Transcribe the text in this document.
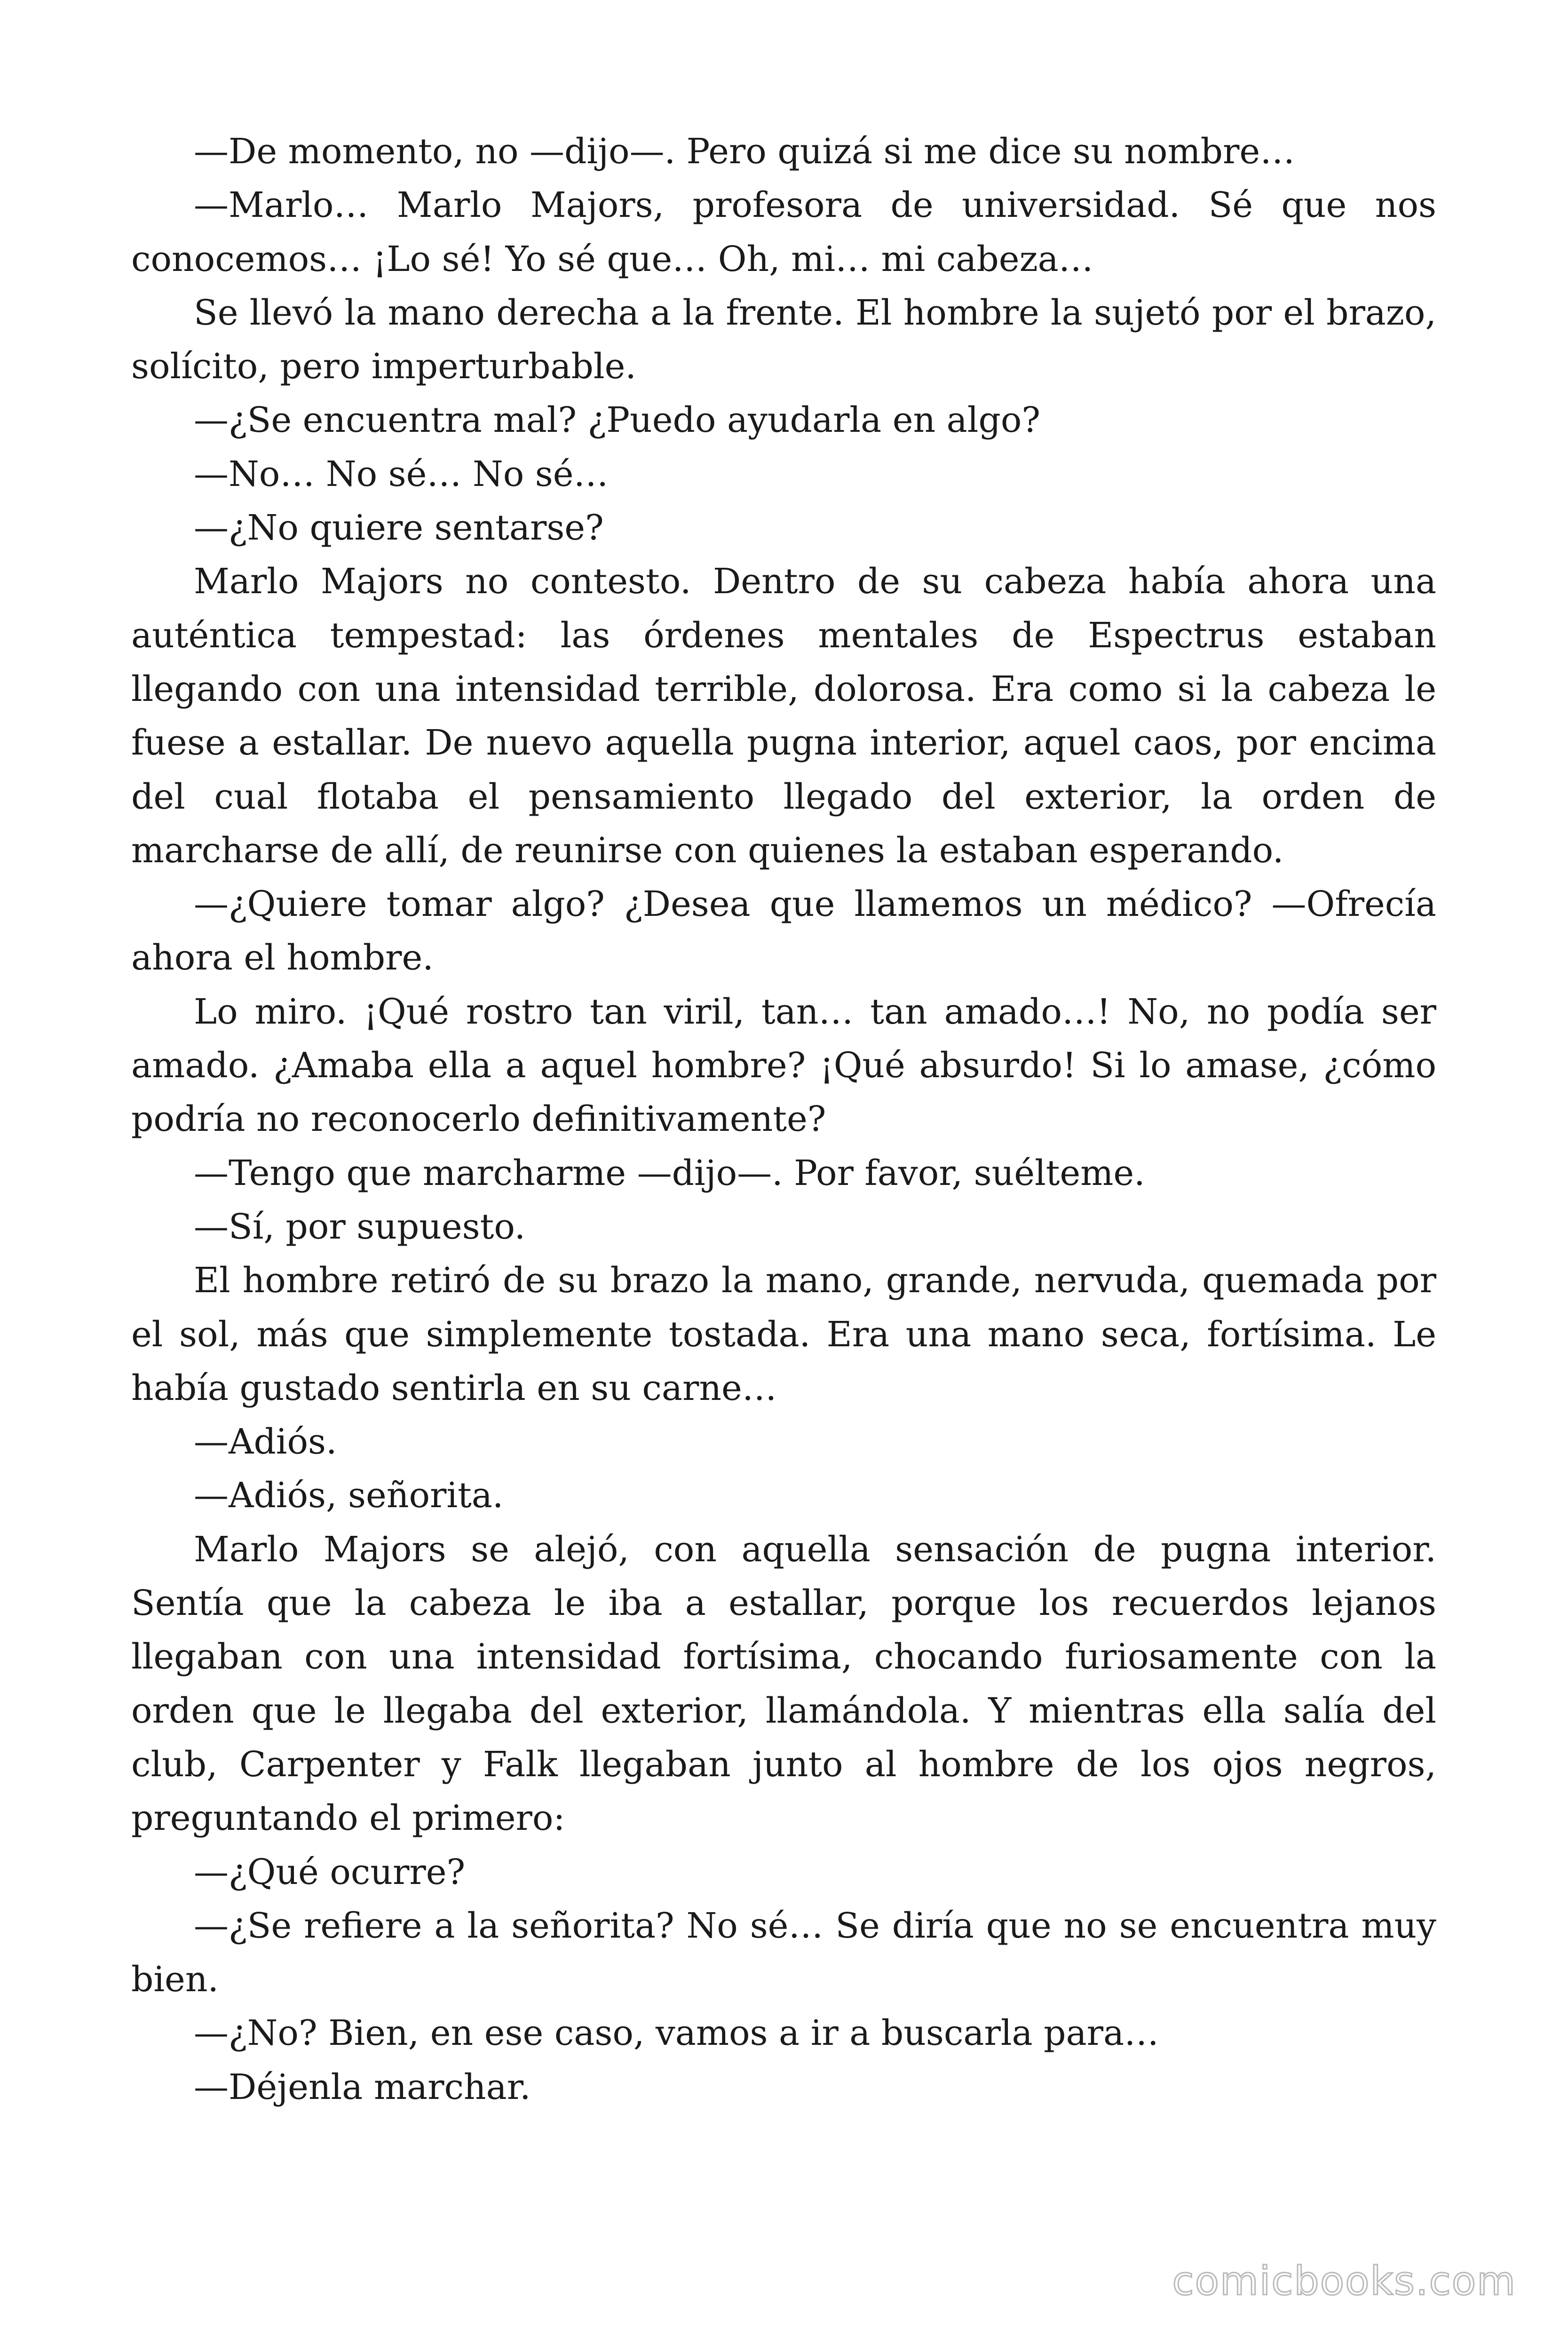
—De momento, no —dijo—. Pero quizá si me dice su nombre…

—Marlo… Marlo Majors, profesora de universidad. Sé que nos conocemos… ¡Lo sé! Yo sé que… Oh, mi… mi cabeza…

Se llevó la mano derecha a la frente. El hombre la sujetó por el brazo, solícito, pero imperturbable.

—¿Se encuentra mal? ¿Puedo ayudarla en algo?

—No… No sé… No sé…

—¿No quiere sentarse?

Marlo Majors no contesto. Dentro de su cabeza había ahora una auténtica tempestad: las órdenes mentales de Espectrus estaban llegando con una intensidad terrible, dolorosa. Era como si la cabeza le fuese a estallar. De nuevo aquella pugna interior, aquel caos, por encima del cual flotaba el pensamiento llegado del exterior, la orden de marcharse de allí, de reunirse con quienes la estaban esperando.

—¿Quiere tomar algo? ¿Desea que llamemos un médico? —Ofrecía ahora el hombre.

Lo miro. ¡Qué rostro tan viril, tan… tan amado…! No, no podía ser amado. ¿Amaba ella a aquel hombre? ¡Qué absurdo! Si lo amase, ¿cómo podría no reconocerlo definitivamente?

—Tengo que marcharme —dijo—. Por favor, suélteme.

—Sí, por supuesto.

El hombre retiró de su brazo la mano, grande, nervuda, quemada por el sol, más que simplemente tostada. Era una mano seca, fortísima. Le había gustado sentirla en su carne…

—Adiós.

—Adiós, señorita.

Marlo Majors se alejó, con aquella sensación de pugna interior. Sentía que la cabeza le iba a estallar, porque los recuerdos lejanos llegaban con una intensidad fortísima, chocando furiosamente con la orden que le llegaba del exterior, llamándola. Y mientras ella salía del club, Carpenter y Falk llegaban junto al hombre de los ojos negros, preguntando el primero:

—¿Qué ocurre?

—¿Se refiere a la señorita? No sé… Se diría que no se encuentra muy bien.

—¿No? Bien, en ese caso, vamos a ir a buscarla para…

—Déjenla marchar.

comicbooks.com
